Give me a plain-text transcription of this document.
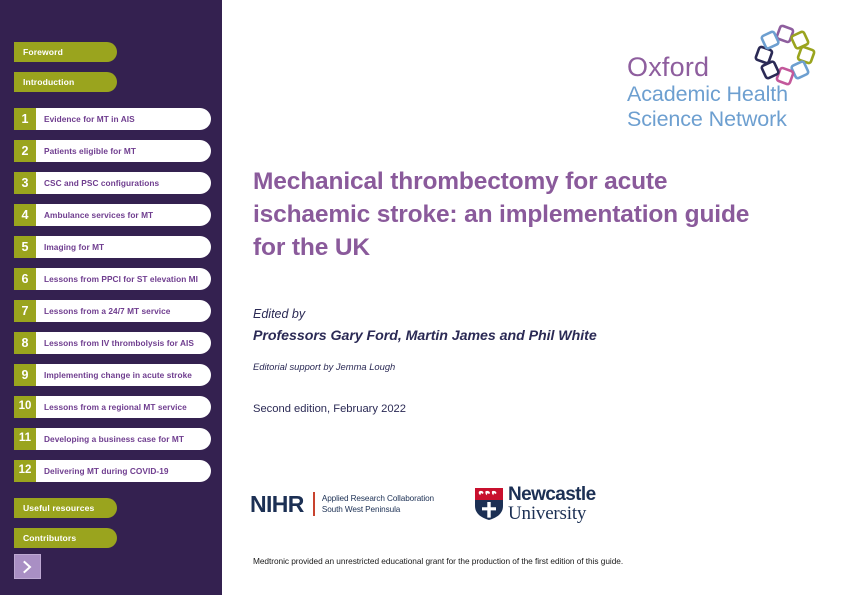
Foreword
Introduction
1	Evidence for MT in AIS
2	Patients eligible for MT
3	CSC and PSC configurations
4	Ambulance services for MT
5	Imaging for MT
6	Lessons from PPCI for ST elevation MI
7	Lessons from a 24/7 MT service
8	Lessons from IV thrombolysis for AIS
9	Implementing change in acute stroke
10	Lessons from a regional MT service
11	Developing a business case for MT
12	Delivering MT during COVID-19
Useful resources
Contributors
Oxford
Academic Health
Science Network
Mechanical thrombectomy for acute ischaemic stroke: an implementation guide for the UK
Edited by
Professors Gary Ford, Martin James and Phil White
Editorial support by Jemma Lough
Second edition, February 2022
NIHR Applied Research Collaboration
South West Peninsula
Newcastle
University
Medtronic provided an unrestricted educational grant for the production of the first edition of this guide.
